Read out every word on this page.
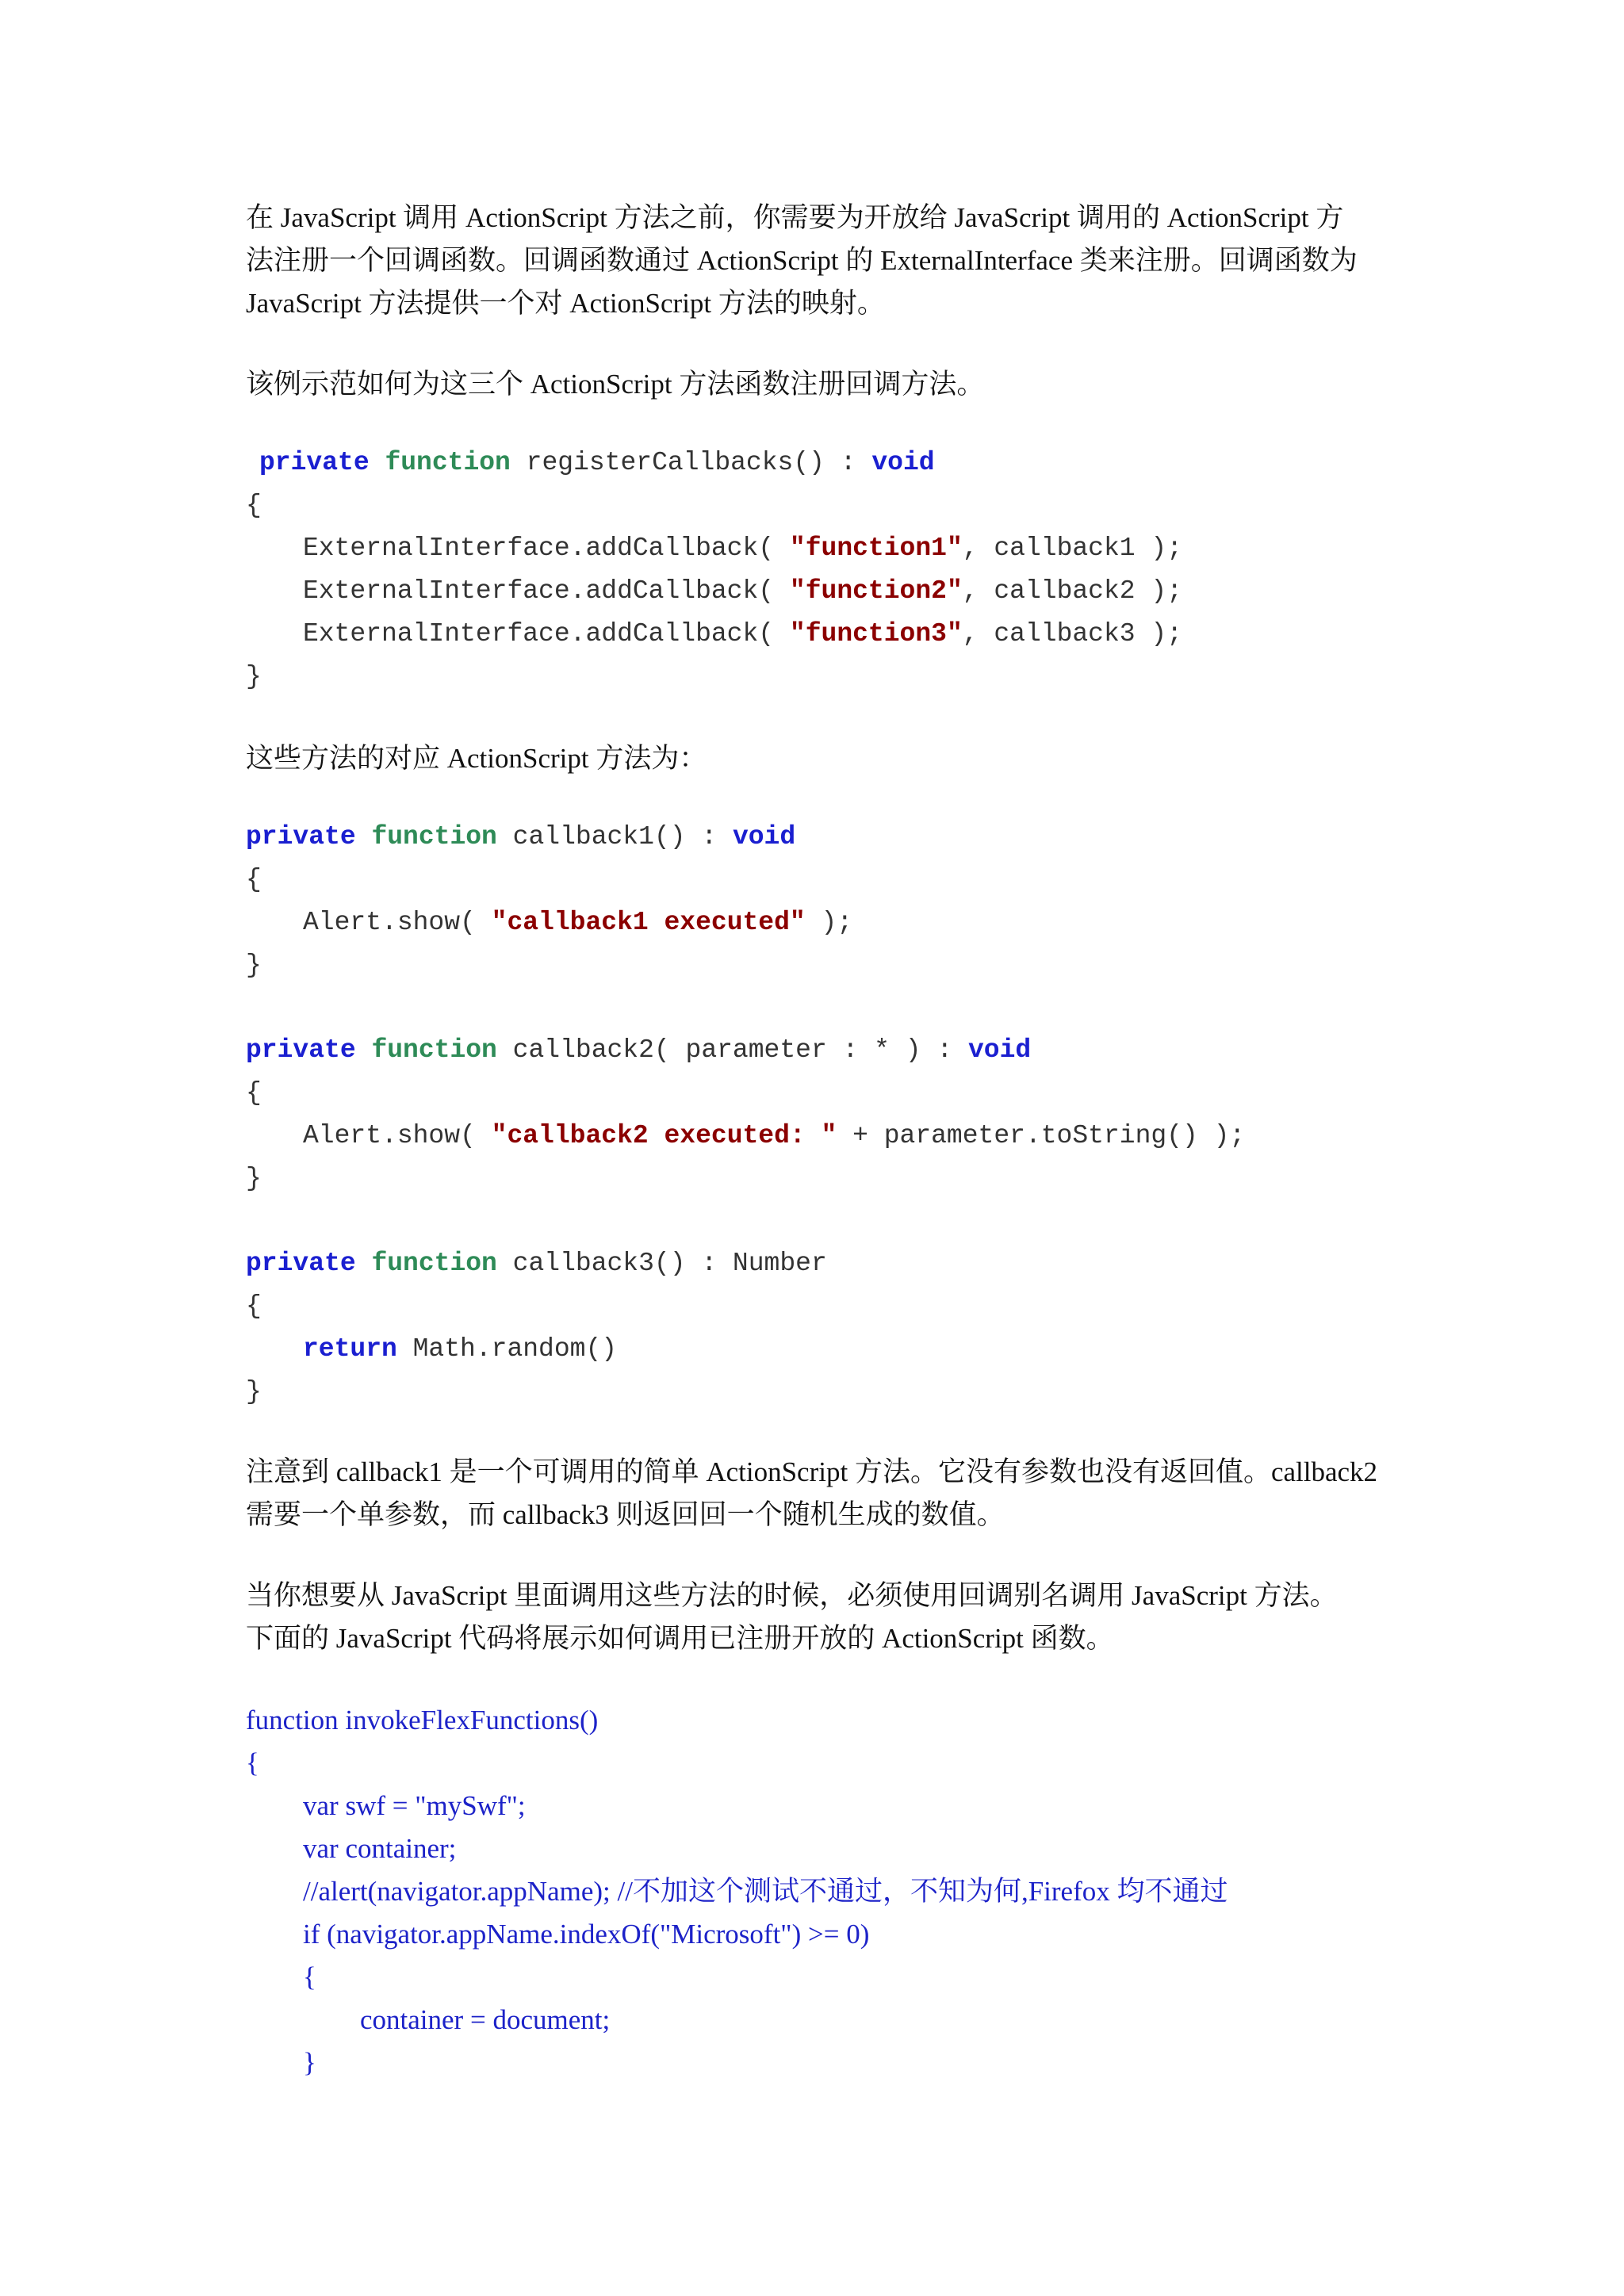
在 JavaScript 调用 ActionScript 方法之前，你需要为开放给 JavaScript 调用的 ActionScript 方
法注册一个回调函数。回调函数通过 ActionScript 的 ExternalInterface 类来注册。回调函数为
JavaScript 方法提供一个对 ActionScript 方法的映射。
该例示范如何为这三个 ActionScript 方法函数注册回调方法。
private function registerCallbacks() : void
{
ExternalInterface.addCallback( "function1", callback1 );
ExternalInterface.addCallback( "function2", callback2 );
ExternalInterface.addCallback( "function3", callback3 );
}
这些方法的对应 ActionScript 方法为：
private function callback1() : void
{
Alert.show( "callback1 executed" );
}
private function callback2( parameter : * ) : void
{
Alert.show( "callback2 executed: " + parameter.toString() );
}
private function callback3() : Number
{
return Math.random()
}
注意到 callback1 是一个可调用的简单 ActionScript 方法。它没有参数也没有返回值。callback2
需要一个单参数，而 callback3 则返回回一个随机生成的数值。
当你想要从 JavaScript 里面调用这些方法的时候，必须使用回调别名调用 JavaScript 方法。
下面的 JavaScript 代码将展示如何调用已注册开放的 ActionScript 函数。
function invokeFlexFunctions()
{
var swf = "mySwf";
var container;
//alert(navigator.appName); //不加这个测试不通过，不知为何,Firefox 均不通过
if (navigator.appName.indexOf("Microsoft") >= 0)
{
container = document;
}
